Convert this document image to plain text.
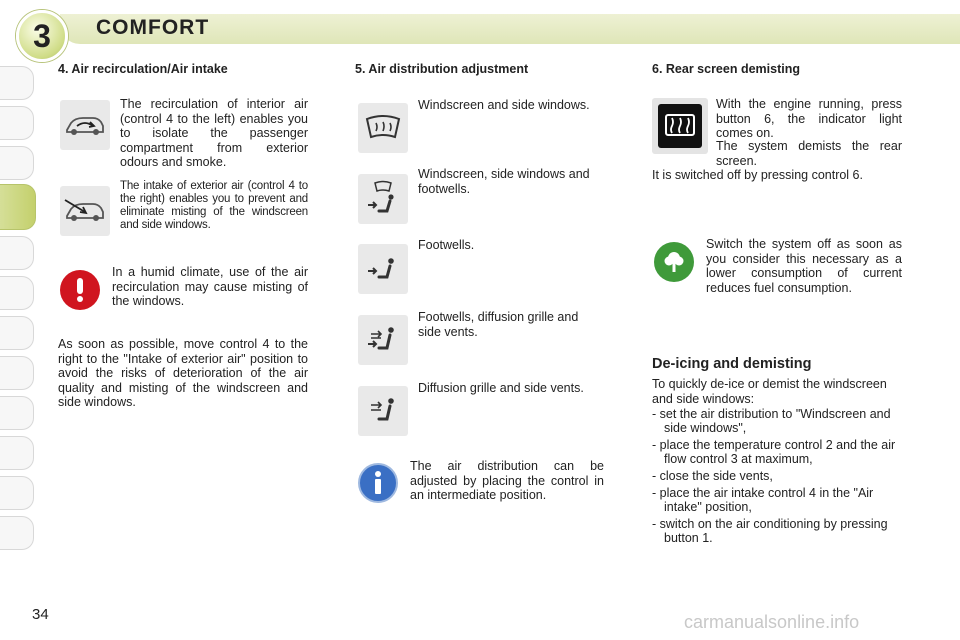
3	COMFORT
4. Air recirculation/Air intake
The recirculation of interior air (control 4 to the left) enables you to isolate the passenger compartment from exterior odours and smoke.
The intake of exterior air (control 4 to the right) enables you to prevent and eliminate misting of the windscreen and side windows.
In a humid climate, use of the air recirculation may cause misting of the windows.
As soon as possible, move control 4 to the right to the "Intake of exterior air" position to avoid the risks of deterioration of the air quality and misting of the windscreen and side windows.
5. Air distribution adjustment
Windscreen and side windows.
Windscreen, side windows and footwells.
Footwells.
Footwells, diffusion grille and side vents.
Diffusion grille and side vents.
The air distribution can be adjusted by placing the control in an intermediate position.
6. Rear screen demisting
With the engine running, press button 6, the indicator light comes on.
The system demists the rear screen.
It is switched off by pressing control 6.
Switch the system off as soon as you consider this necessary as a lower consumption of current reduces fuel consumption.
De-icing and demisting
To quickly de-ice or demist the windscreen and side windows:
- set the air distribution to "Windscreen and side windows",
- place the temperature control 2 and the air flow control 3 at maximum,
- close the side vents,
- place the air intake control 4 in the "Air intake" position,
- switch on the air conditioning by pressing button 1.
34	carmanualsonline.info
